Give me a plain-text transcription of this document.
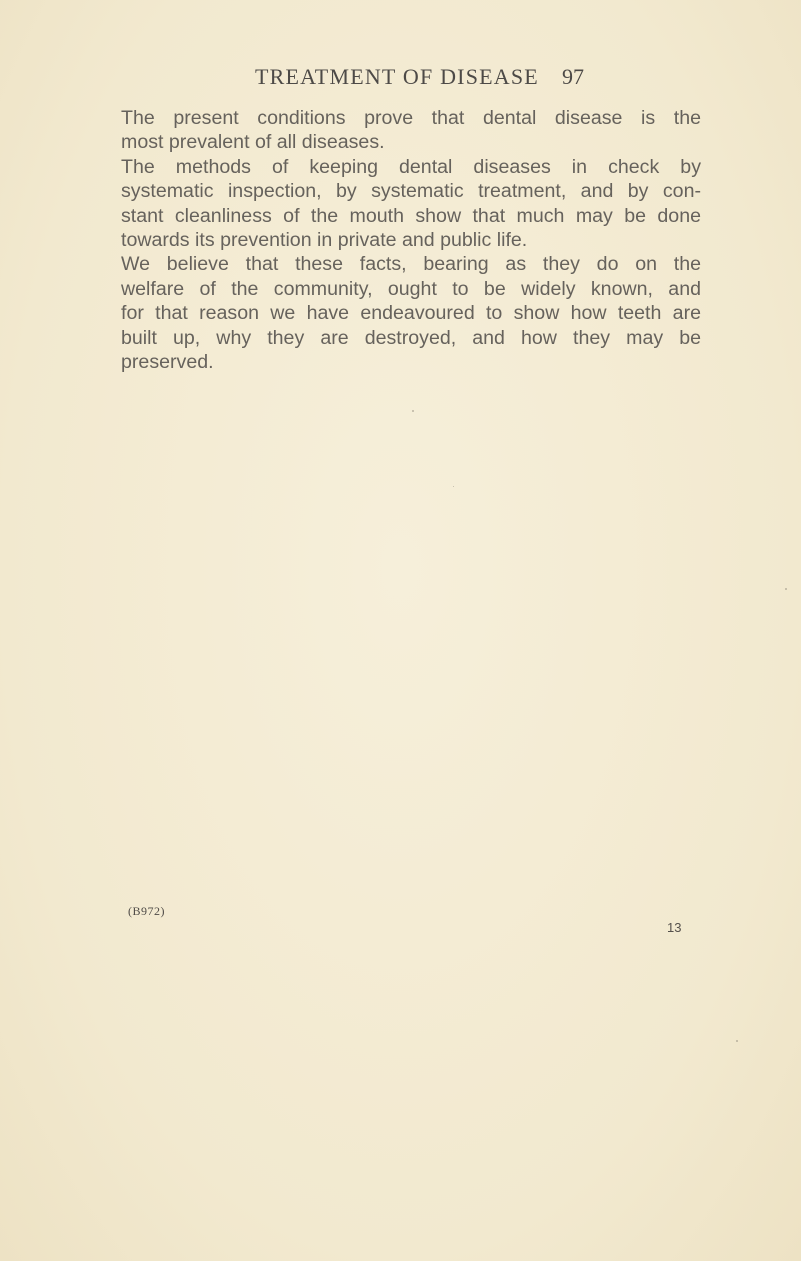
TREATMENT OF DISEASE 97
The present conditions prove that dental disease is the
most prevalent of all diseases.
The methods of keeping dental diseases in check by
systematic inspection, by systematic treatment, and by con-
stant cleanliness of the mouth show that much may be done
towards its prevention in private and public life.
We believe that these facts, bearing as they do on the
welfare of the community, ought to be widely known, and
for that reason we have endeavoured to show how teeth are
built up, why they are destroyed, and how they may be
preserved.
(B972)
13
